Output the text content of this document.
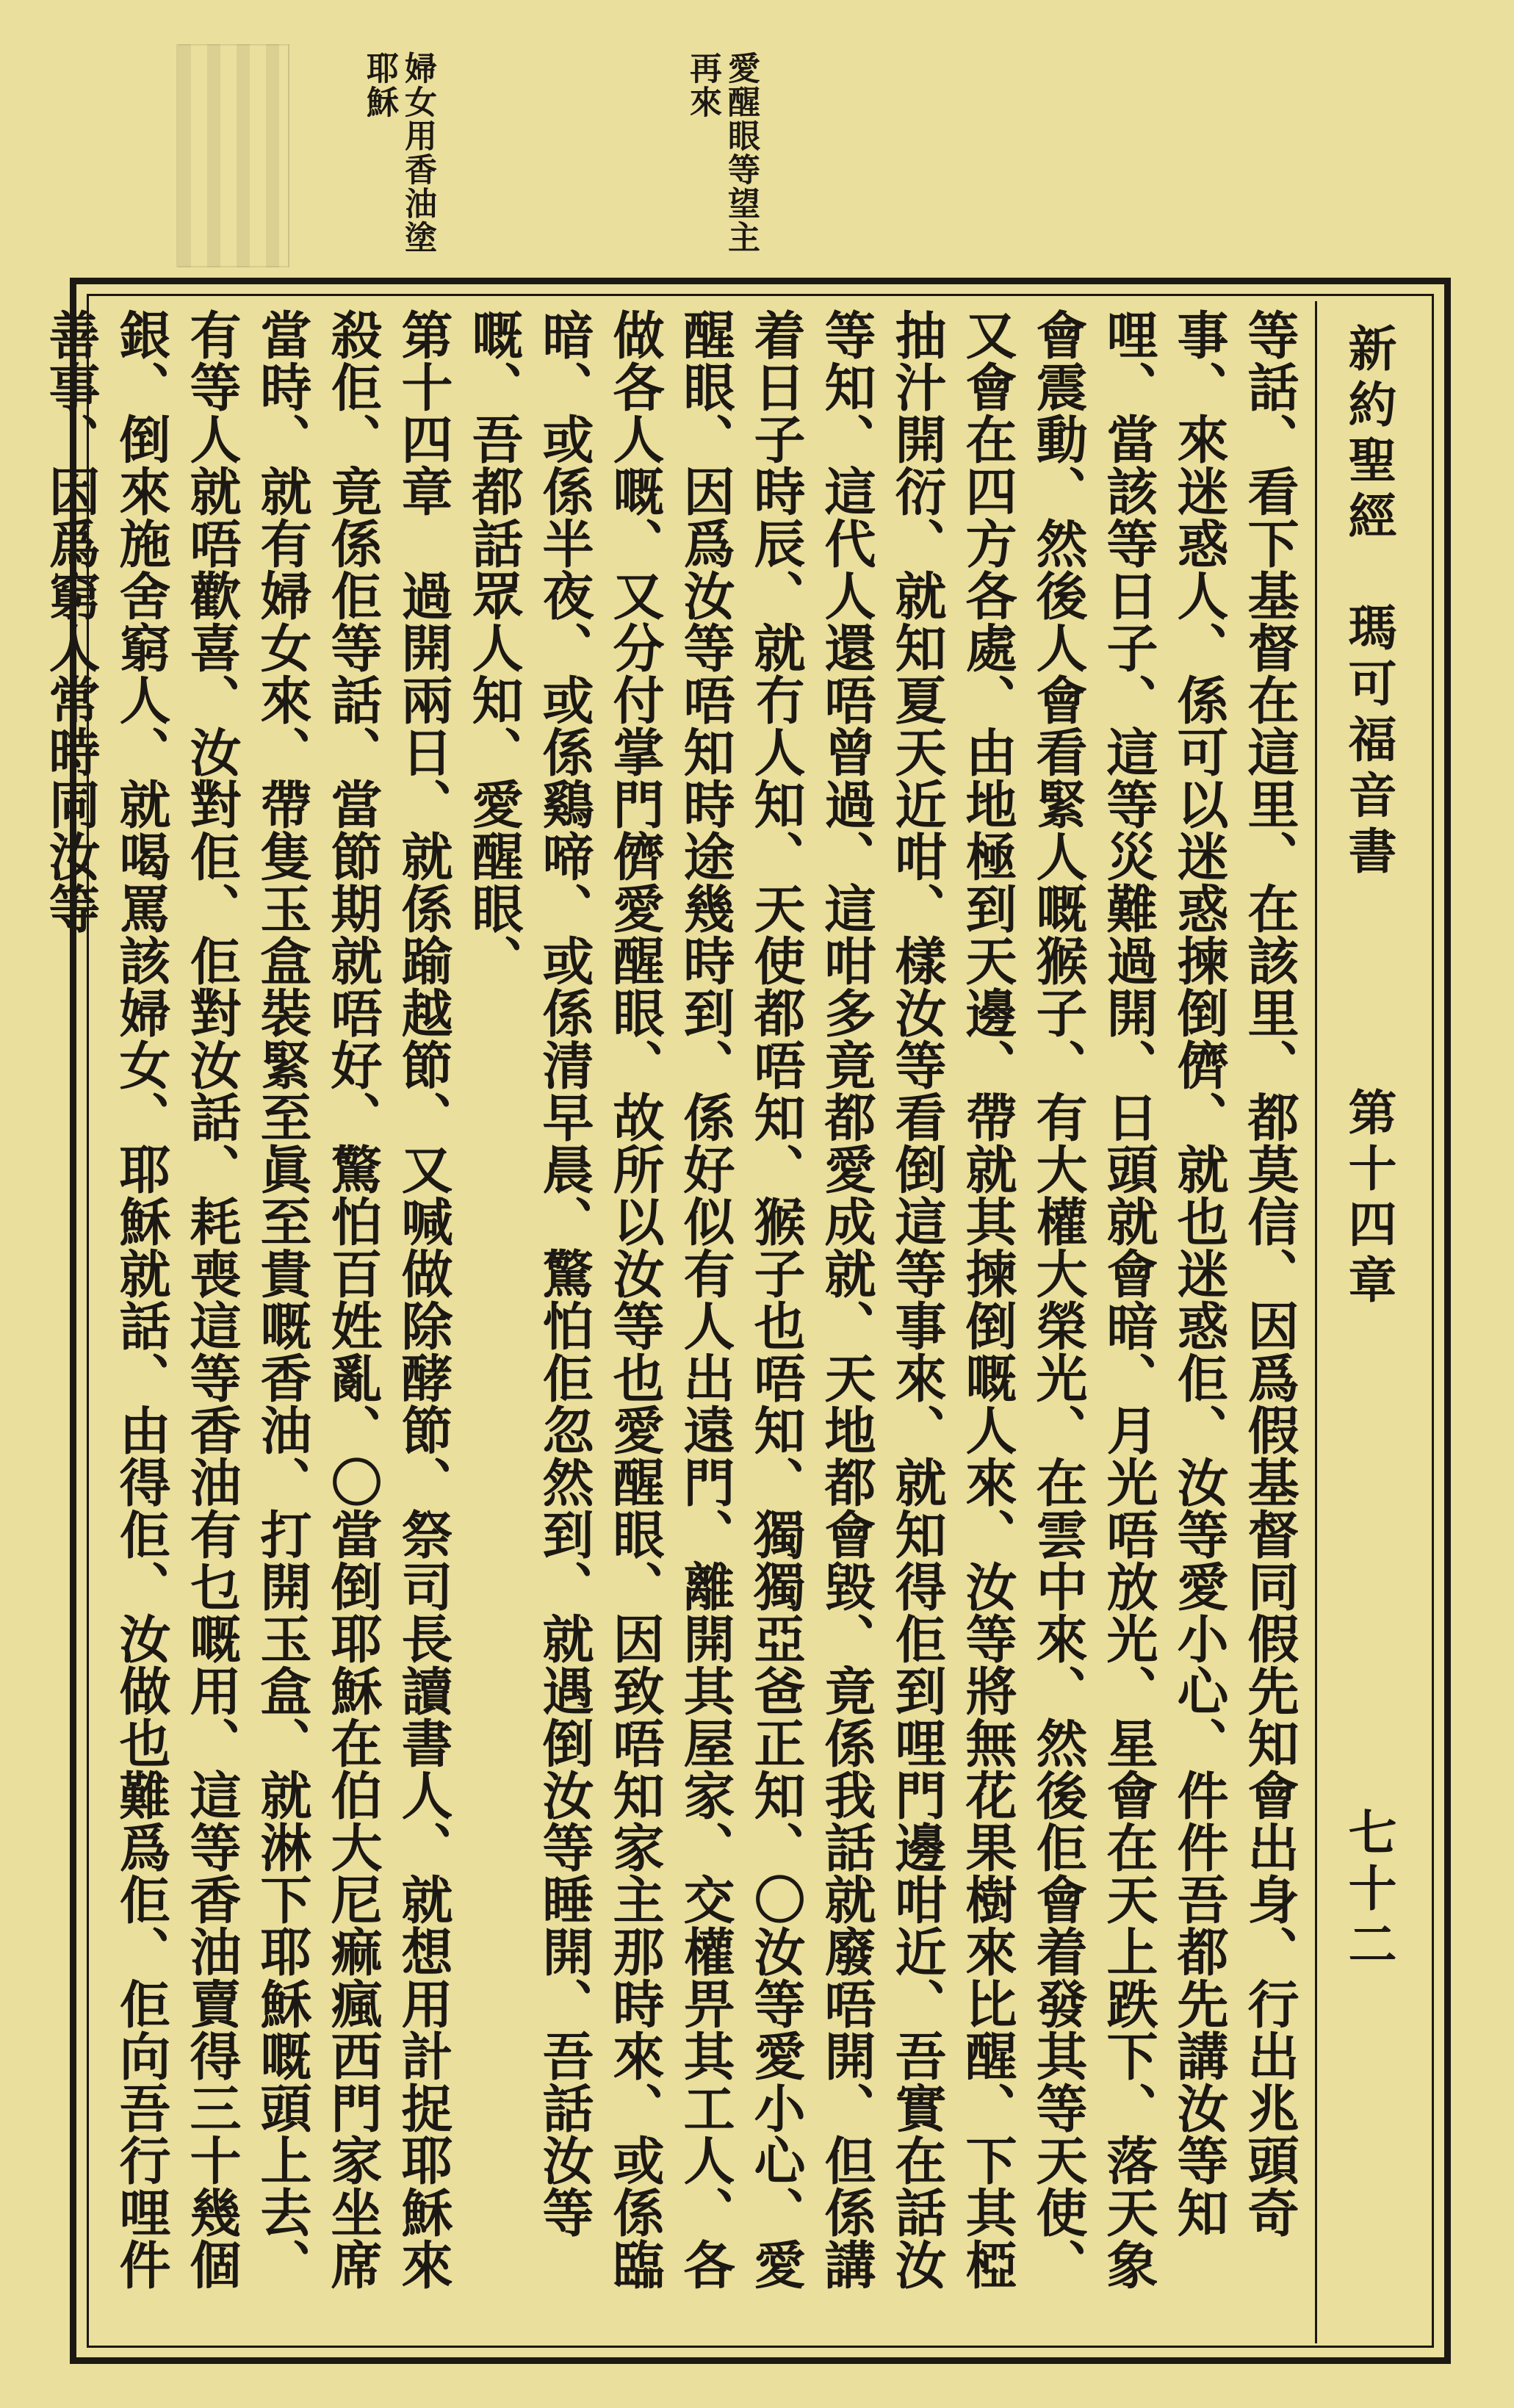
愛醒眼等望主再來
婦女用香油塗耶穌
新約聖經　瑪可福音書
第十四章
七十二

等話、看下基督在這里、在該里、都莫信、因爲假基督同假先知會出身、行出兆頭奇事、來迷惑人、係可以迷惑揀倒儕、就也迷惑佢、汝等愛小心、件件吾都先講汝等知哩、當該等日子、這等災難過開、日頭就會暗、月光唔放光、星會在天上跌下、落天象會震動、然後人會看緊人嘅𤠣子、有大權大榮光、在雲中來、然後佢會着發其等天使、又會在四方各處、由地極到天邊、帶就其揀倒嘅人來、汝等將無花果樹來比醒、下其椏抽汁開衍、就知夏天近咁、樣汝等看倒這等事來、就知得佢到哩門邊咁近、吾實在話汝等知、這代人還唔曾過、這咁多竟都愛成就、天地都會毀、竟係我話就廢唔開、但係講着日子時辰、就冇人知、天使都唔知、𤠣子也唔知、獨獨亞爸正知、〇汝等愛小心、愛醒眼、因爲汝等唔知時途幾時到、係好似有人出遠門、離開其屋家、交權畀其工人、各做各人嘅、又分付掌門儕愛醒眼、故所以汝等也愛醒眼、因致唔知家主那時來、或係臨暗、或係半夜、或係鷄啼、或係清早晨、驚怕佢忽然到、就遇倒汝等睡開、吾話汝等嘅、吾都話眾人知、愛醒眼、

第十四章　過開兩日、就係踰越節、又喊做除酵節、祭司長讀書人、就想用計捉耶穌來殺佢、竟係佢等話、當節期就唔好、驚怕百姓亂、〇當倒耶穌在伯大尼痲瘋西門家坐席當時、就有婦女來、帶隻玉盒裝緊至眞至貴嘅香油、打開玉盒、就淋下耶穌嘅頭上去、有等人就唔歡喜、汝對佢、佢對汝話、耗喪這等香油有乜嘅用、這等香油賣得三十幾個銀、倒來施舍窮人、就喝罵該婦女、耶穌就話、由得佢、汝做也難爲佢、佢向吾行哩件善事、因爲窮人常時同汝等
